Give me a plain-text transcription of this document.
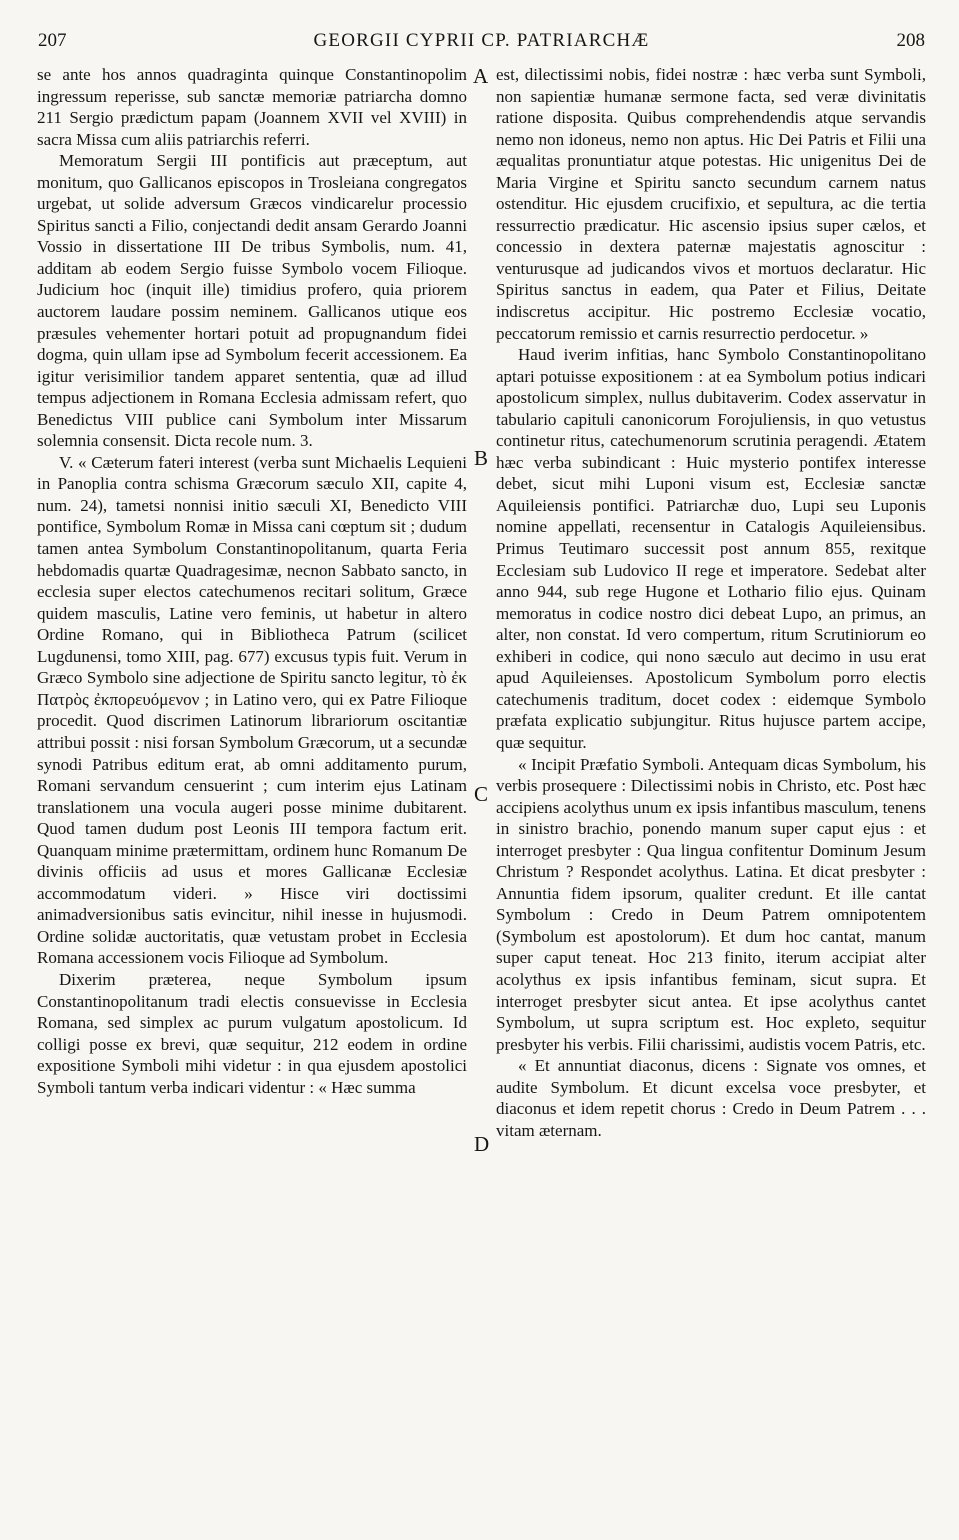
207	GEORGII CYPRII CP. PATRIARCHÆ	208

se ante hos annos quadraginta quinque Constantinopolim ingressum reperisse, sub sanctæ memoriæ patriarcha domno 211 Sergio prædictum papam (Joannem XVII vel XVIII) in sacra Missa cum aliis patriarchis referri.

Memoratum Sergii III pontificis aut præceptum, aut monitum, quo Gallicanos episcopos in Trosleiana congregatos urgebat, ut solide adversum Græcos vindicarelur processio Spiritus sancti a Filio, conjectandi dedit ansam Gerardo Joanni Vossio in dissertatione III De tribus Symbolis, num. 41, additam ab eodem Sergio fuisse Symbolo vocem Filioque. Judicium hoc (inquit ille) timidius profero, quia priorem auctorem laudare possim neminem. Gallicanos utique eos præsules vehementer hortari potuit ad propugnandum fidei dogma, quin ullam ipse ad Symbolum fecerit accessionem. Ea igitur verisimilior tandem apparet sententia, quæ ad illud tempus adjectionem in Romana Ecclesia admissam refert, quo Benedictus VIII publice cani Symbolum inter Missarum solemnia consensit. Dicta recole num. 3.

V. « Cæterum fateri interest (verba sunt Michaelis Lequieni in Panoplia contra schisma Græcorum sæculo XII, capite 4, num. 24), tametsi nonnisi initio sæculi XI, Benedicto VIII pontifice, Symbolum Romæ in Missa cani cœptum sit ; dudum tamen antea Symbolum Constantinopolitanum, quarta Feria hebdomadis quartæ Quadragesimæ, necnon Sabbato sancto, in ecclesia super electos catechumenos recitari solitum, Græce quidem masculis, Latine vero feminis, ut habetur in altero Ordine Romano, qui in Bibliotheca Patrum (scilicet Lugdunensi, tomo XIII, pag. 677) excusus typis fuit. Verum in Græco Symbolo sine adjectione de Spiritu sancto legitur, τὸ ἐκ Πατρὸς ἐκπορευόμενον ; in Latino vero, qui ex Patre Filioque procedit. Quod discrimen Latinorum librariorum oscitantiæ attribui possit : nisi forsan Symbolum Græcorum, ut a secundæ synodi Patribus editum erat, ab omni additamento purum, Romani servandum censuerint ; cum interim ejus Latinam translationem una vocula augeri posse minime dubitarent. Quod tamen dudum post Leonis III tempora factum erit. Quanquam minime prætermittam, ordinem hunc Romanum De divinis officiis ad usus et mores Gallicanæ Ecclesiæ accommodatum videri. » Hisce viri doctissimi animadversionibus satis evincitur, nihil inesse in hujusmodi. Ordine solidæ auctoritatis, quæ vetustam probet in Ecclesia Romana accessionem vocis Filioque ad Symbolum.

Dixerim præterea, neque Symbolum ipsum Constantinopolitanum tradi electis consuevisse in Ecclesia Romana, sed simplex ac purum vulgatum apostolicum. Id colligi posse ex brevi, quæ sequitur, 212 eodem in ordine expositione Symboli mihi videtur : in qua ejusdem apostolici Symboli tantum verba indicari videntur : « Hæc summa

A
B
C
D

est, dilectissimi nobis, fidei nostræ : hæc verba sunt Symboli, non sapientiæ humanæ sermone facta, sed veræ divinitatis ratione disposita. Quibus comprehendendis atque servandis nemo non idoneus, nemo non aptus. Hic Dei Patris et Filii una æqualitas pronuntiatur atque potestas. Hic unigenitus Dei de Maria Virgine et Spiritu sancto secundum carnem natus ostenditur. Hic ejusdem crucifixio, et sepultura, ac die tertia ressurrectio prædicatur. Hic ascensio ipsius super cælos, et concessio in dextera paternæ majestatis agnoscitur : venturusque ad judicandos vivos et mortuos declaratur. Hic Spiritus sanctus in eadem, qua Pater et Filius, Deitate indiscretus accipitur. Hic postremo Ecclesiæ vocatio, peccatorum remissio et carnis resurrectio perdocetur. »

Haud iverim infitias, hanc Symbolo Constantinopolitano aptari potuisse expositionem : at ea Symbolum potius indicari apostolicum simplex, nullus dubitaverim. Codex asservatur in tabulario capituli canonicorum Forojuliensis, in quo vetustus continetur ritus, catechumenorum scrutinia peragendi. Ætatem hæc verba subindicant : Huic mysterio pontifex interesse debet, sicut mihi Luponi visum est, Ecclesiæ sanctæ Aquileiensis pontifici. Patriarchæ duo, Lupi seu Luponis nomine appellati, recensentur in Catalogis Aquileiensibus. Primus Teutimaro successit post annum 855, rexitque Ecclesiam sub Ludovico II rege et imperatore. Sedebat alter anno 944, sub rege Hugone et Lothario filio ejus. Quinam memoratus in codice nostro dici debeat Lupo, an primus, an alter, non constat. Id vero compertum, ritum Scrutiniorum eo exhiberi in codice, qui nono sæculo aut decimo in usu erat apud Aquileienses. Apostolicum Symbolum porro electis catechumenis traditum, docet codex : eidemque Symbolo præfata explicatio subjungitur. Ritus hujusce partem accipe, quæ sequitur.

« Incipit Præfatio Symboli. Antequam dicas Symbolum, his verbis prosequere : Dilectissimi nobis in Christo, etc. Post hæc accipiens acolythus unum ex ipsis infantibus masculum, tenens in sinistro brachio, ponendo manum super caput ejus : et interroget presbyter : Qua lingua confitentur Dominum Jesum Christum ? Respondet acolythus. Latina. Et dicat presbyter : Annuntia fidem ipsorum, qualiter credunt. Et ille cantat Symbolum : Credo in Deum Patrem omnipotentem (Symbolum est apostolorum). Et dum hoc cantat, manum super caput teneat. Hoc 213 finito, iterum accipiat alter acolythus ex ipsis infantibus feminam, sicut supra. Et interroget presbyter sicut antea. Et ipse acolythus cantet Symbolum, ut supra scriptum est. Hoc expleto, sequitur presbyter his verbis. Filii charissimi, audistis vocem Patris, etc.

« Et annuntiat diaconus, dicens : Signate vos omnes, et audite Symbolum. Et dicunt excelsa voce presbyter, et diaconus et idem repetit chorus : Credo in Deum Patrem . . . vitam æternam.
